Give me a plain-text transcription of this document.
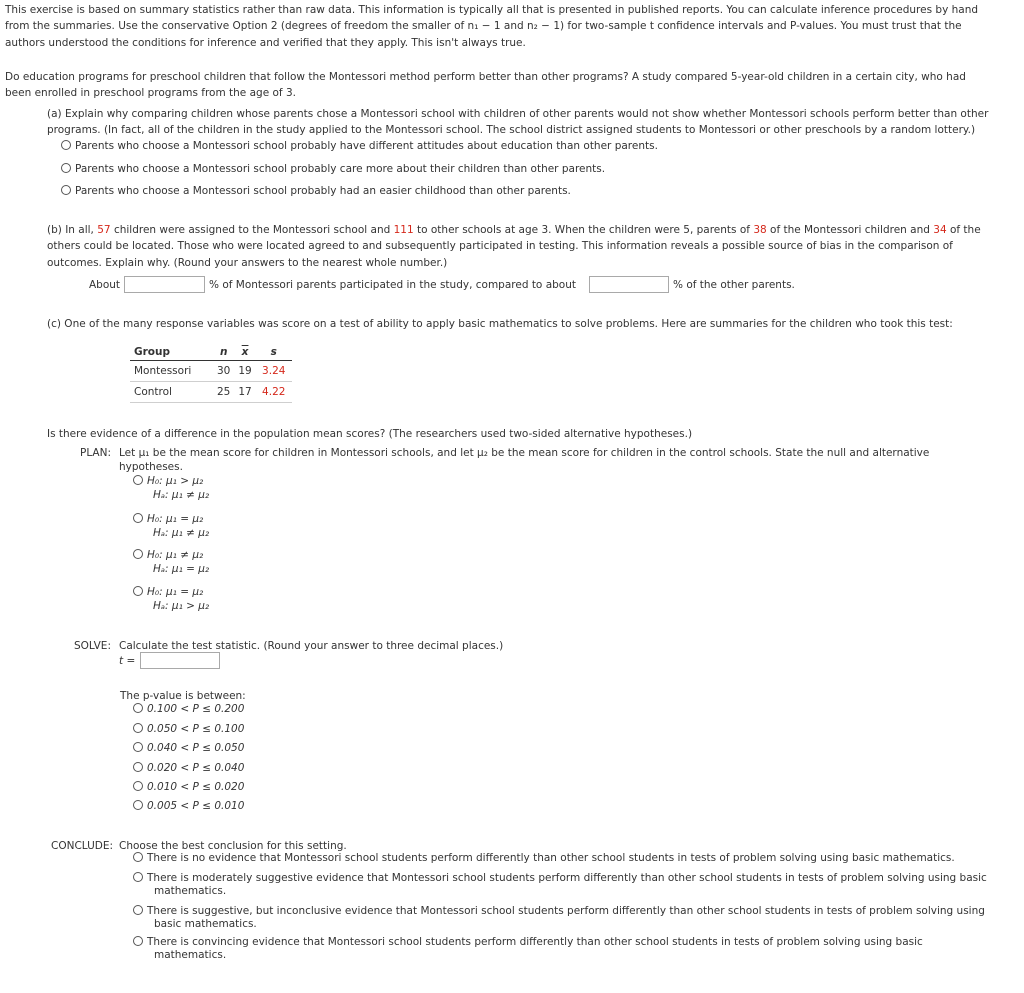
This exercise is based on summary statistics rather than raw data. This information is typically all that is presented in published reports. You can calculate inference procedures by hand
from the summaries. Use the conservative Option 2 (degrees of freedom the smaller of n₁ − 1 and n₂ − 1) for two-sample t confidence intervals and P-values. You must trust that the
authors understood the conditions for inference and verified that they apply. This isn't always true.
Do education programs for preschool children that follow the Montessori method perform better than other programs? A study compared 5-year-old children in a certain city, who had
been enrolled in preschool programs from the age of 3.
(a) Explain why comparing children whose parents chose a Montessori school with children of other parents would not show whether Montessori schools perform better than other
programs. (In fact, all of the children in the study applied to the Montessori school. The school district assigned students to Montessori or other preschools by a random lottery.)
Parents who choose a Montessori school probably have different attitudes about education than other parents.
Parents who choose a Montessori school probably care more about their children than other parents.
Parents who choose a Montessori school probably had an easier childhood than other parents.
(b) In all, 57 children were assigned to the Montessori school and 111 to other schools at age 3. When the children were 5, parents of 38 of the Montessori children and 34 of the
others could be located. Those who were located agreed to and subsequently participated in testing. This information reveals a possible source of bias in the comparison of
outcomes. Explain why. (Round your answers to the nearest whole number.)
About	% of Montessori parents participated in the study, compared to about	% of the other parents.
(c) One of the many response variables was score on a test of ability to apply basic mathematics to solve problems. Here are summaries for the children who took this test:
Group	n	$\overline{x}$	s
Montessori	30	19	3.24
Control	25	17	4.22
Is there evidence of a difference in the population mean scores? (The researchers used two-sided alternative hypotheses.)
PLAN: Let μ₁ be the mean score for children in Montessori schools, and let μ₂ be the mean score for children in the control schools. State the null and alternative
hypotheses.
H₀: μ₁ > μ₂
Hₐ: μ₁ ≠ μ₂
H₀: μ₁ = μ₂
Hₐ: μ₁ ≠ μ₂
H₀: μ₁ ≠ μ₂
Hₐ: μ₁ = μ₂
H₀: μ₁ = μ₂
Hₐ: μ₁ > μ₂
SOLVE: Calculate the test statistic. (Round your answer to three decimal places.)
t =
The p-value is between:
0.100 < P ≤ 0.200
0.050 < P ≤ 0.100
0.040 < P ≤ 0.050
0.020 < P ≤ 0.040
0.010 < P ≤ 0.020
0.005 < P ≤ 0.010
CONCLUDE: Choose the best conclusion for this setting.
There is no evidence that Montessori school students perform differently than other school students in tests of problem solving using basic mathematics.
There is moderately suggestive evidence that Montessori school students perform differently than other school students in tests of problem solving using basic
mathematics.
There is suggestive, but inconclusive evidence that Montessori school students perform differently than other school students in tests of problem solving using
basic mathematics.
There is convincing evidence that Montessori school students perform differently than other school students in tests of problem solving using basic
mathematics.
